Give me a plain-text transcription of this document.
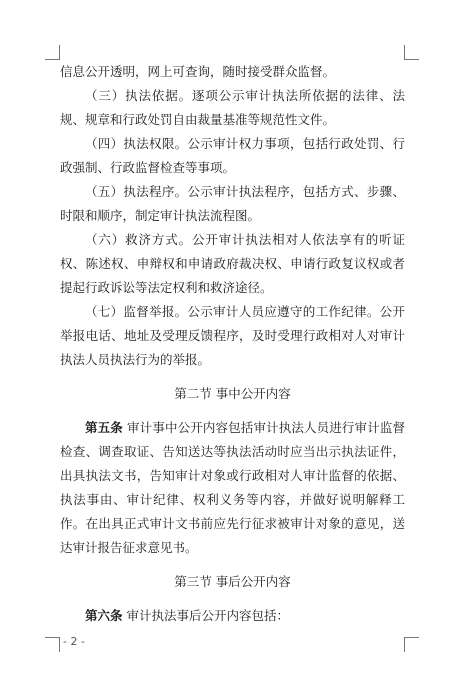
信息公开透明，网上可查询，随时接受群众监督。

（三）执法依据。逐项公示审计执法所依据的法律、法规、规章和行政处罚自由裁量基准等规范性文件。

（四）执法权限。公示审计权力事项，包括行政处罚、行政强制、行政监督检查等事项。

（五）执法程序。公示审计执法程序，包括方式、步骤、时限和顺序，制定审计执法流程图。

（六）救济方式。公开审计执法相对人依法享有的听证权、陈述权、申辩权和申请政府裁决权、申请行政复议权或者提起行政诉讼等法定权利和救济途径。

（七）监督举报。公示审计人员应遵守的工作纪律。公开举报电话、地址及受理反馈程序，及时受理行政相对人对审计执法人员执法行为的举报。

第二节 事中公开内容

第五条 审计事中公开内容包括审计执法人员进行审计监督检查、调查取证、告知送达等执法活动时应当出示执法证件，出具执法文书，告知审计对象或行政相对人审计监督的依据、执法事由、审计纪律、权利义务等内容，并做好说明解释工作。在出具正式审计文书前应先行征求被审计对象的意见，送达审计报告征求意见书。

第三节 事后公开内容

第六条 审计执法事后公开内容包括：

- 2 -
